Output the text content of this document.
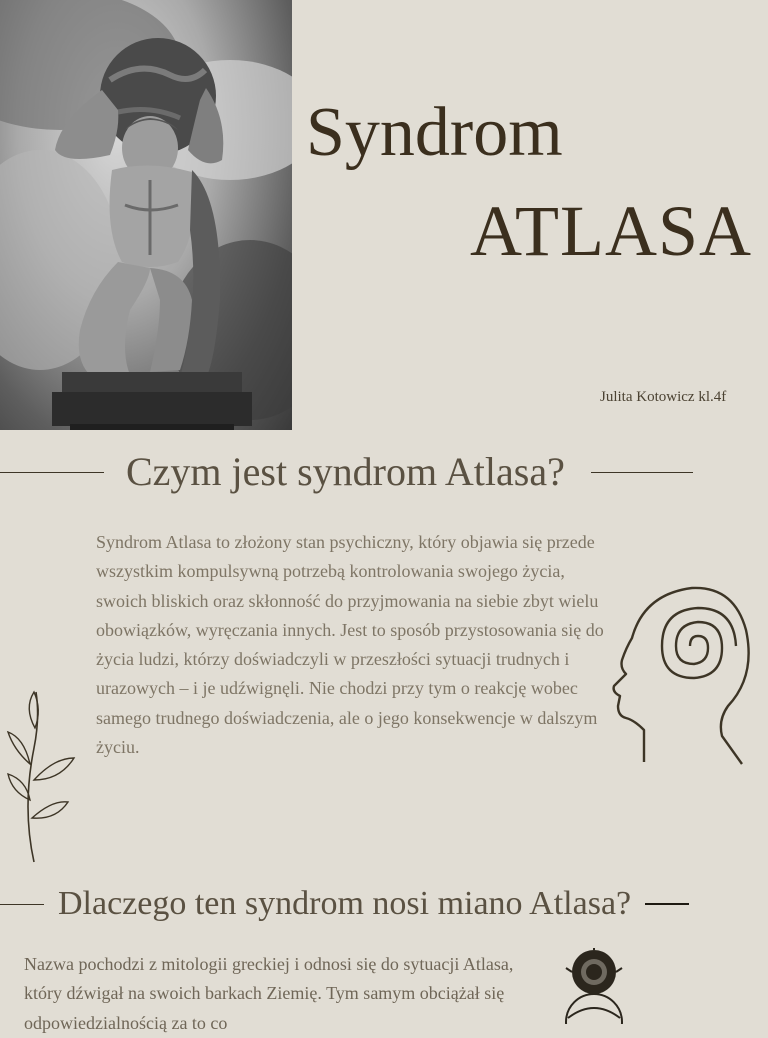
Syndrom
ATLASA
Julita Kotowicz kl.4f
Czym jest syndrom Atlasa?

Syndrom Atlasa to złożony stan psychiczny, który objawia się przede wszystkim kompulsywną potrzebą kontrolowania swojego życia, swoich bliskich oraz skłonność do przyjmowania na siebie zbyt wielu obowiązków, wyręczania innych. Jest to sposób przystosowania się do życia ludzi, którzy doświadczyli w przeszłości sytuacji trudnych i urazowych – i je udźwignęli. Nie chodzi przy tym o reakcję wobec samego trudnego doświadczenia, ale o jego konsekwencje w dalszym życiu.

Dlaczego ten syndrom nosi miano Atlasa?

Nazwa pochodzi z mitologii greckiej i odnosi się do sytuacji Atlasa, który dźwigał na swoich barkach Ziemię. Tym samym obciążał się odpowiedzialnością za to co
